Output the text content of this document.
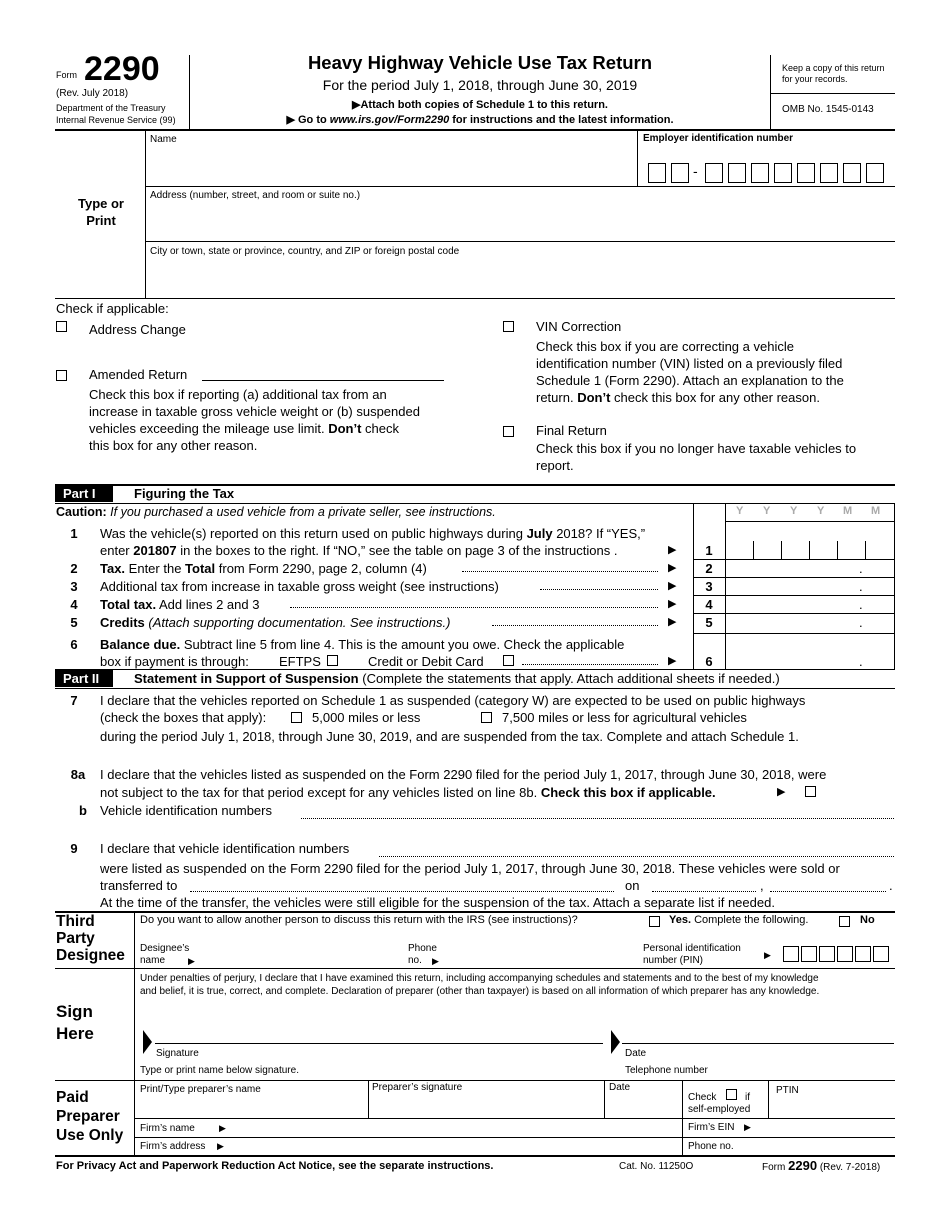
Form 2290
(Rev. July 2018)
Department of the Treasury
Internal Revenue Service (99)
Heavy Highway Vehicle Use Tax Return
For the period July 1, 2018, through June 30, 2019
▶Attach both copies of Schedule 1 to this return.
▶ Go to www.irs.gov/Form2290 for instructions and the latest information.
Keep a copy of this return for your records.
OMB No. 1545-0143
Type or Print
Name	Employer identification number
-
Address (number, street, and room or suite no.)
City or town, state or province, country, and ZIP or foreign postal code
Check if applicable:
Address Change
Amended Return
Check this box if reporting (a) additional tax from an
increase in taxable gross vehicle weight or (b) suspended
vehicles exceeding the mileage use limit. Don’t check
this box for any other reason.
VIN Correction
Check this box if you are correcting a vehicle
identification number (VIN) listed on a previously filed
Schedule 1 (Form 2290). Attach an explanation to the
return. Don’t check this box for any other reason.
Final Return
Check this box if you no longer have taxable vehicles to
report.
Part I	Figuring the Tax
Caution: If you purchased a used vehicle from a private seller, see instructions.	Y Y Y Y M M
1	Was the vehicle(s) reported on this return used on public highways during July 2018? If “YES,”
enter 201807 in the boxes to the right. If “NO,” see the table on page 3 of the instructions .	▶	1
2	Tax. Enter the Total from Form 2290, page 2, column (4)	▶	2	.
3	Additional tax from increase in taxable gross weight (see instructions)	▶	3	.
4	Total tax. Add lines 2 and 3	▶	4	.
5	Credits (Attach supporting documentation. See instructions.)	▶	5	.
6	Balance due. Subtract line 5 from line 4. This is the amount you owe. Check the applicable
box if payment is through: EFTPS	Credit or Debit Card	▶	6	.
Part II	Statement in Support of Suspension (Complete the statements that apply. Attach additional sheets if needed.)
7	I declare that the vehicles reported on Schedule 1 as suspended (category W) are expected to be used on public highways
(check the boxes that apply):	5,000 miles or less	7,500 miles or less for agricultural vehicles
during the period July 1, 2018, through June 30, 2019, and are suspended from the tax. Complete and attach Schedule 1.
8a	I declare that the vehicles listed as suspended on the Form 2290 filed for the period July 1, 2017, through June 30, 2018, were
not subject to the tax for that period except for any vehicles listed on line 8b. Check this box if applicable.	▶
b	Vehicle identification numbers
9	I declare that vehicle identification numbers
were listed as suspended on the Form 2290 filed for the period July 1, 2017, through June 30, 2018. These vehicles were sold or
transferred to	on	,	.
At the time of the transfer, the vehicles were still eligible for the suspension of the tax. Attach a separate list if needed.
Third Party Designee
Do you want to allow another person to discuss this return with the IRS (see instructions)?	Yes. Complete the following.	No
Designee’s
name	▶
Phone
no. ▶
Personal identification
number (PIN)	▶
Sign Here
Under penalties of perjury, I declare that I have examined this return, including accompanying schedules and statements and to the best of my knowledge
and belief, it is true, correct, and complete. Declaration of preparer (other than taxpayer) is based on all information of which preparer has any knowledge.
Signature	Date
Type or print name below signature.	Telephone number
Paid Preparer Use Only
Print/Type preparer’s name	Preparer’s signature	Date
Check	if
self-employed
PTIN
Firm’s name	▶	Firm’s EIN ▶
Firm’s address ▶	Phone no.
For Privacy Act and Paperwork Reduction Act Notice, see the separate instructions.	Cat. No. 11250O	Form 2290 (Rev. 7-2018)
